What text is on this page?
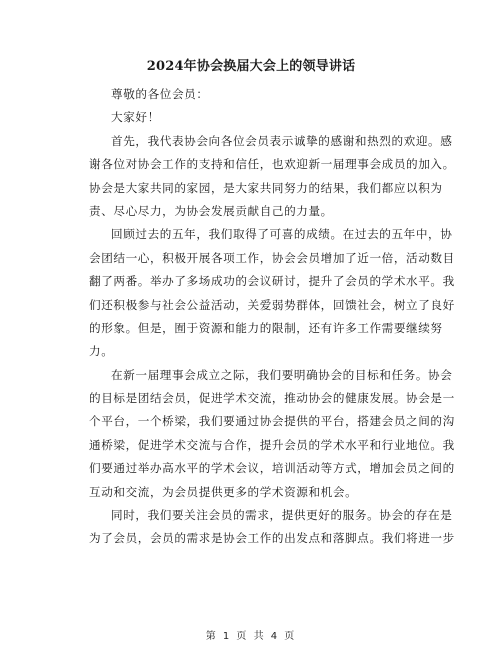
2024年协会换届大会上的领导讲话
尊敬的各位会员：
大家好！
首先，我代表协会向各位会员表示诚挚的感谢和热烈的欢迎。感
谢各位对协会工作的支持和信任，也欢迎新一届理事会成员的加入。
协会是大家共同的家园，是大家共同努力的结果，我们都应以积为
责、尽心尽力，为协会发展贡献自己的力量。
回顾过去的五年，我们取得了可喜的成绩。在过去的五年中，协
会团结一心，积极开展各项工作，协会会员增加了近一倍，活动数目
翻了两番。举办了多场成功的会议研讨，提升了会员的学术水平。我
们还积极参与社会公益活动，关爱弱势群体，回馈社会，树立了良好
的形象。但是，囿于资源和能力的限制，还有许多工作需要继续努
力。
在新一届理事会成立之际，我们要明确协会的目标和任务。协会
的目标是团结会员，促进学术交流，推动协会的健康发展。协会是一
个平台，一个桥梁，我们要通过协会提供的平台，搭建会员之间的沟
通桥梁，促进学术交流与合作，提升会员的学术水平和行业地位。我
们要通过举办高水平的学术会议，培训活动等方式，增加会员之间的
互动和交流，为会员提供更多的学术资源和机会。
同时，我们要关注会员的需求，提供更好的服务。协会的存在是
为了会员，会员的需求是协会工作的出发点和落脚点。我们将进一步
第 1 页 共 4 页
